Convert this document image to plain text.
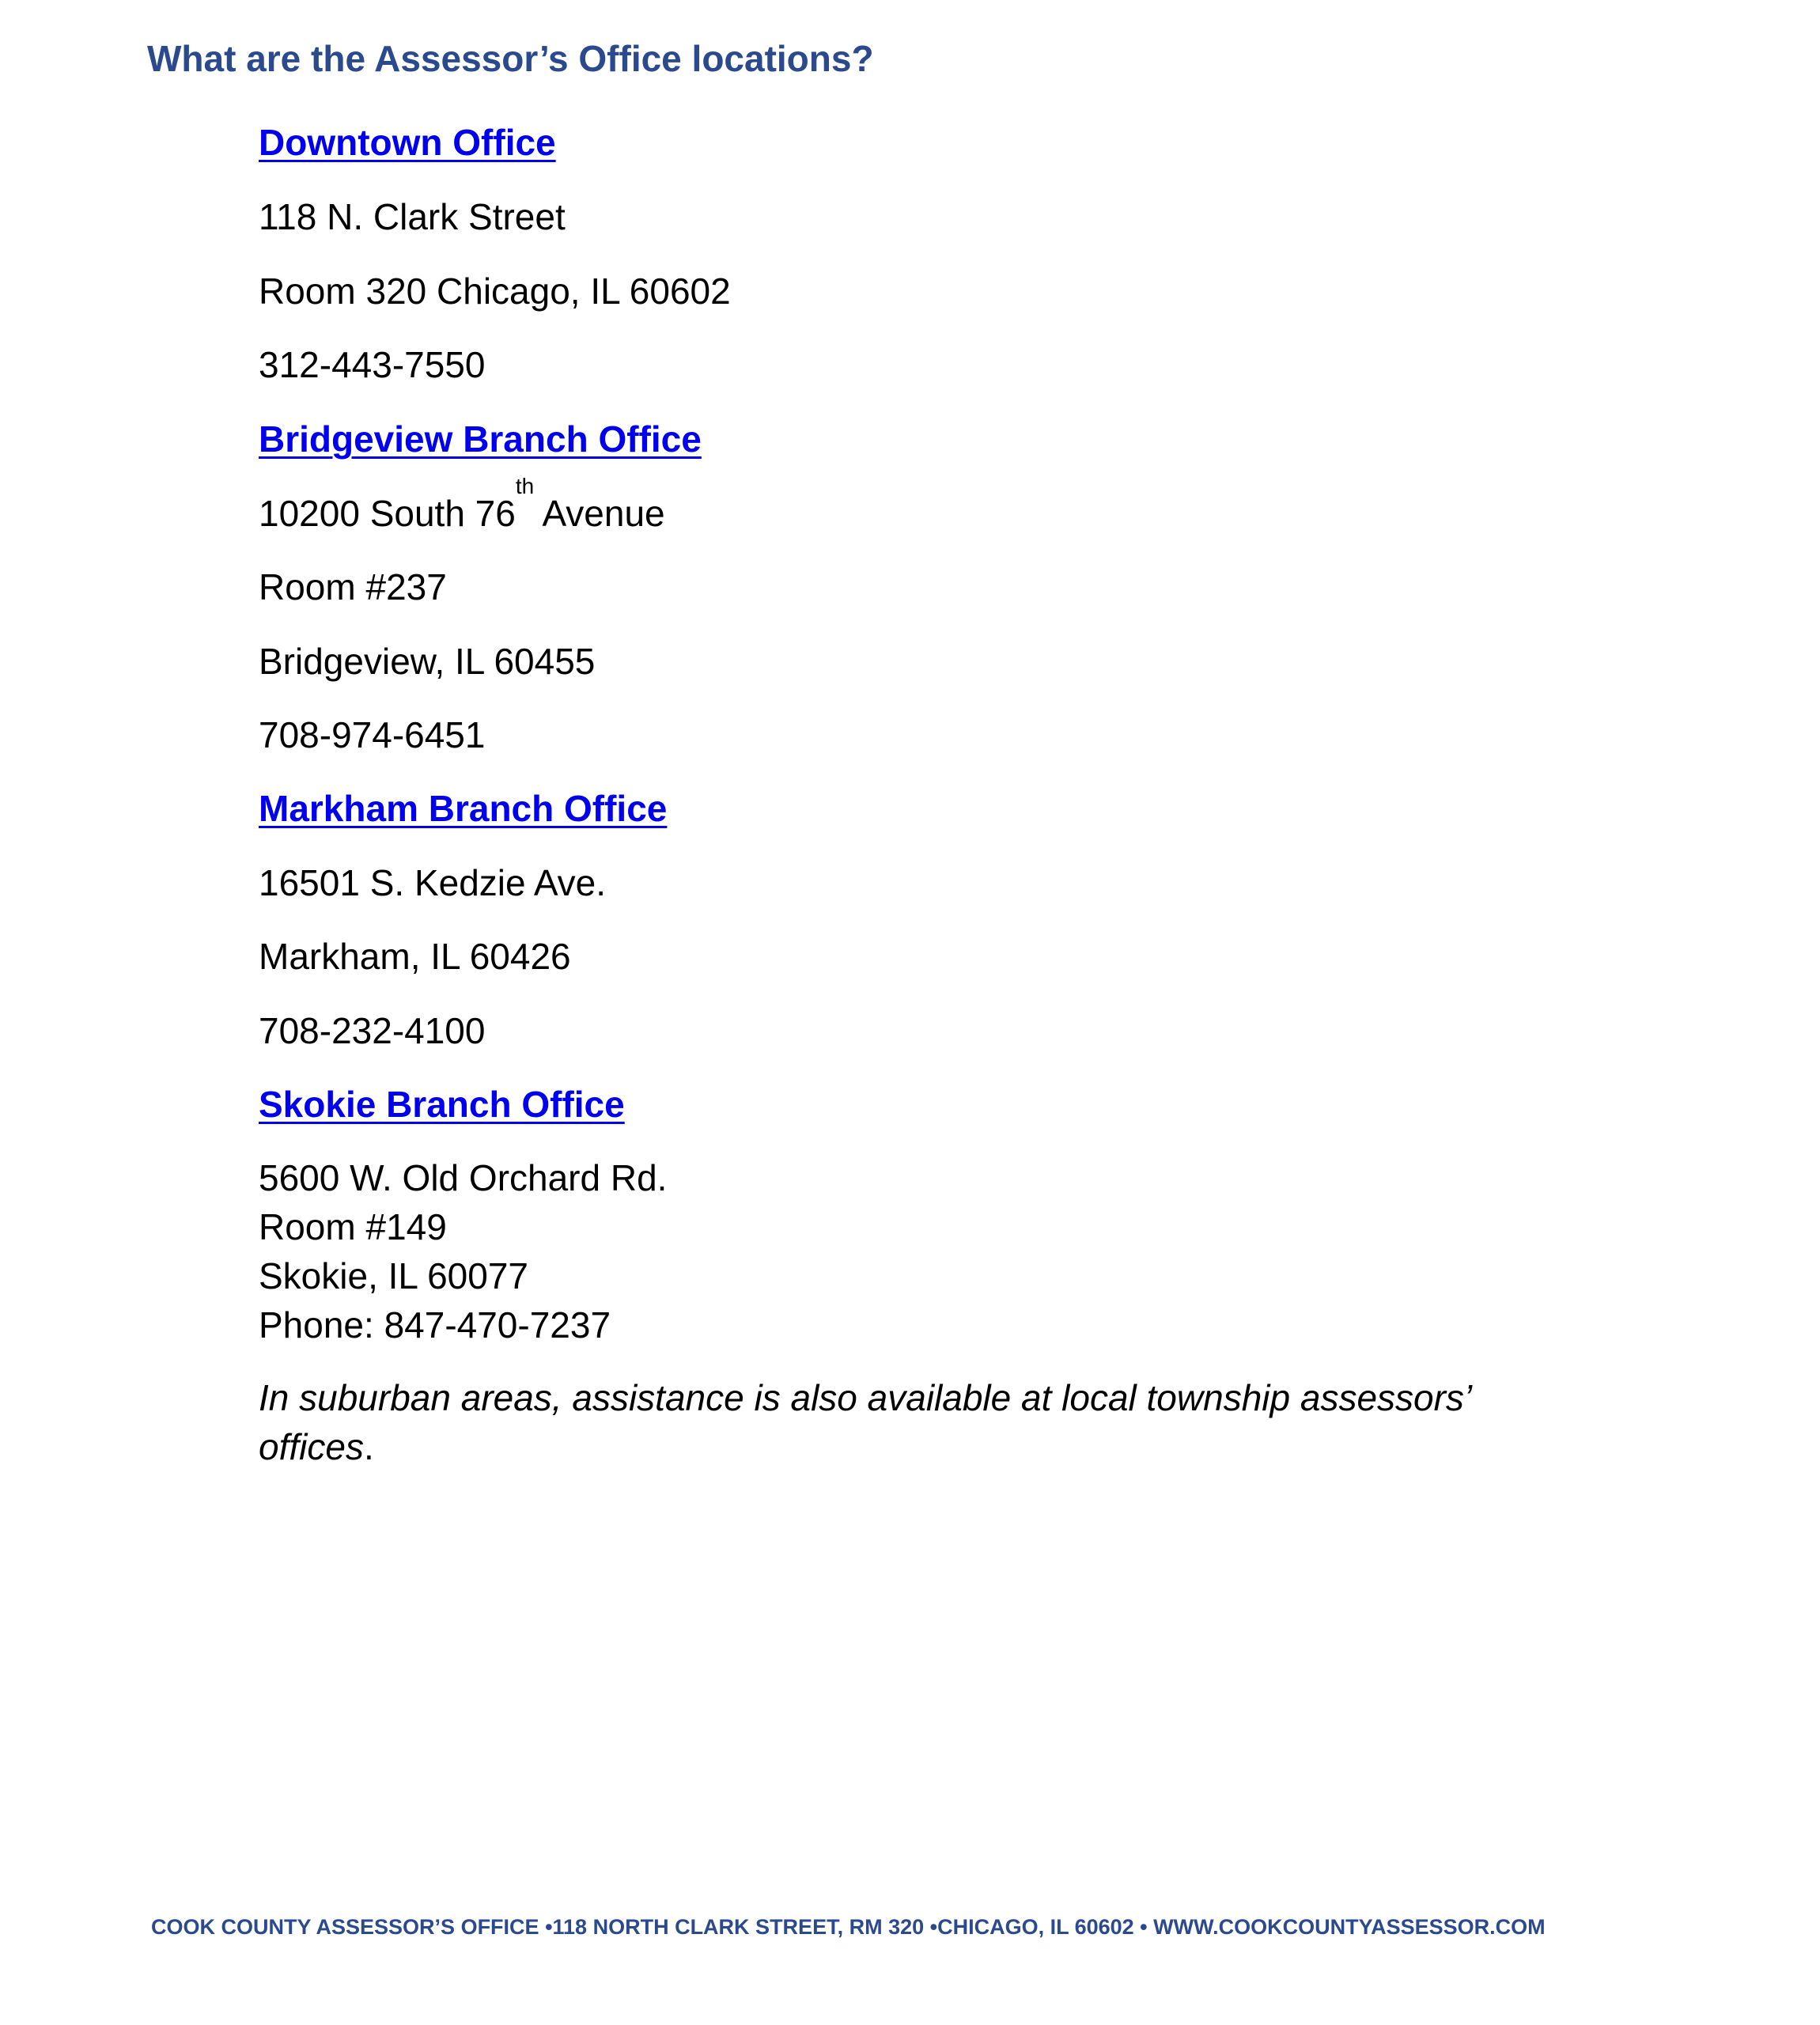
What are the Assessor’s Office locations?
Downtown Office
118 N. Clark Street
Room 320 Chicago, IL 60602
312-443-7550
Bridgeview Branch Office
10200 South 76th Avenue
Room #237
Bridgeview, IL 60455
708-974-6451
Markham Branch Office
16501 S. Kedzie Ave.
Markham, IL 60426
708-232-4100
Skokie Branch Office
5600 W. Old Orchard Rd.
Room #149
Skokie, IL 60077
Phone: 847-470-7237

In suburban areas, assistance is also available at local township assessors’ offices.

COOK COUNTY ASSESSOR’S OFFICE •118 NORTH CLARK STREET, RM 320 •CHICAGO, IL 60602 • WWW.COOKCOUNTYASSESSOR.COM
